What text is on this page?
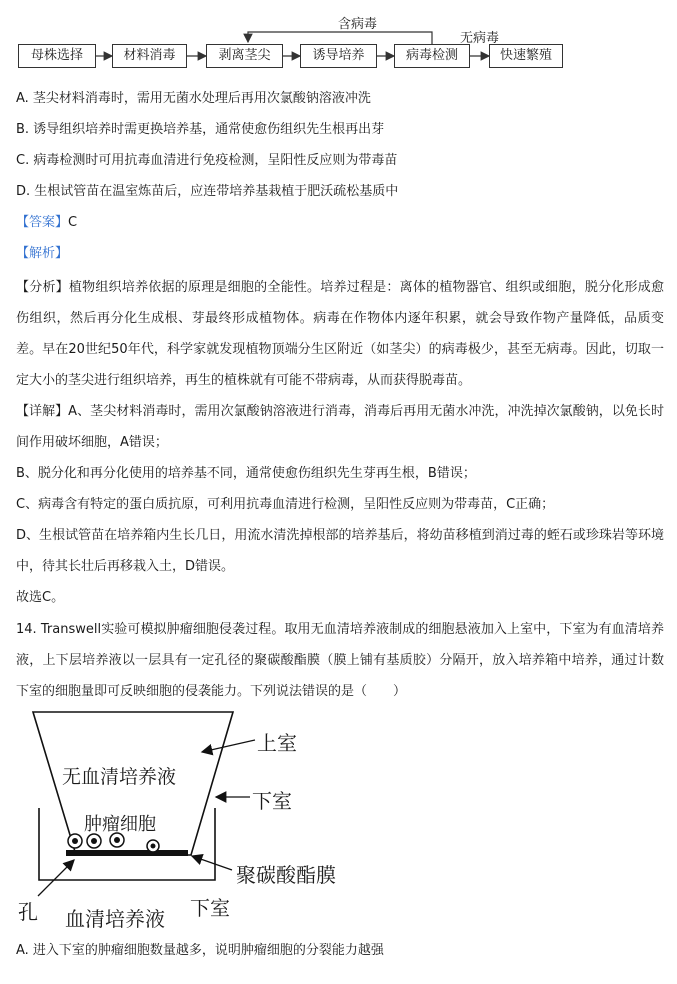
母株选择	材料消毒	剥离茎尖	诱导培养	病毒检测	快速繁殖
含病毒
无病毒
A. 茎尖材料消毒时，需用无菌水处理后再用次氯酸钠溶液冲洗
B. 诱导组织培养时需更换培养基，通常使愈伤组织先生根再出芽
C. 病毒检测时可用抗毒血清进行免疫检测，呈阳性反应则为带毒苗
D. 生根试管苗在温室炼苗后，应连带培养基栽植于肥沃疏松基质中
【答案】C
【解析】
【分析】植物组织培养依据的原理是细胞的全能性。培养过程是：离体的植物器官、组织或细胞，脱分化形成愈伤组织，然后再分化生成根、芽最终形成植物体。病毒在作物体内逐年积累，就会导致作物产量降低，品质变差。早在20世纪50年代，科学家就发现植物顶端分生区附近（如茎尖）的病毒极少，甚至无病毒。因此，切取一定大小的茎尖进行组织培养，再生的植株就有可能不带病毒，从而获得脱毒苗。
【详解】A、茎尖材料消毒时，需用次氯酸钠溶液进行消毒，消毒后再用无菌水冲洗，冲洗掉次氯酸钠，以免长时间作用破坏细胞，A错误；
B、脱分化和再分化使用的培养基不同，通常使愈伤组织先生芽再生根，B错误；
C、病毒含有特定的蛋白质抗原，可利用抗毒血清进行检测，呈阳性反应则为带毒苗，C正确；
D、生根试管苗在培养箱内生长几日，用流水清洗掉根部的培养基后，将幼苗移植到消过毒的蛭石或珍珠岩等环境中，待其长壮后再移栽入土，D错误。
故选C。
14. Transwell实验可模拟肿瘤细胞侵袭过程。取用无血清培养液制成的细胞悬液加入上室中，下室为有血清培养液，上下层培养液以一层具有一定孔径的聚碳酸酯膜（膜上铺有基质胶）分隔开，放入培养箱中培养，通过计数下室的细胞量即可反映细胞的侵袭能力。下列说法错误的是（　　）
无血清培养液
肿瘤细胞
上室
下室
聚碳酸酯膜
孔 血清培养液 下室
A. 进入下室的肿瘤细胞数量越多，说明肿瘤细胞的分裂能力越强
